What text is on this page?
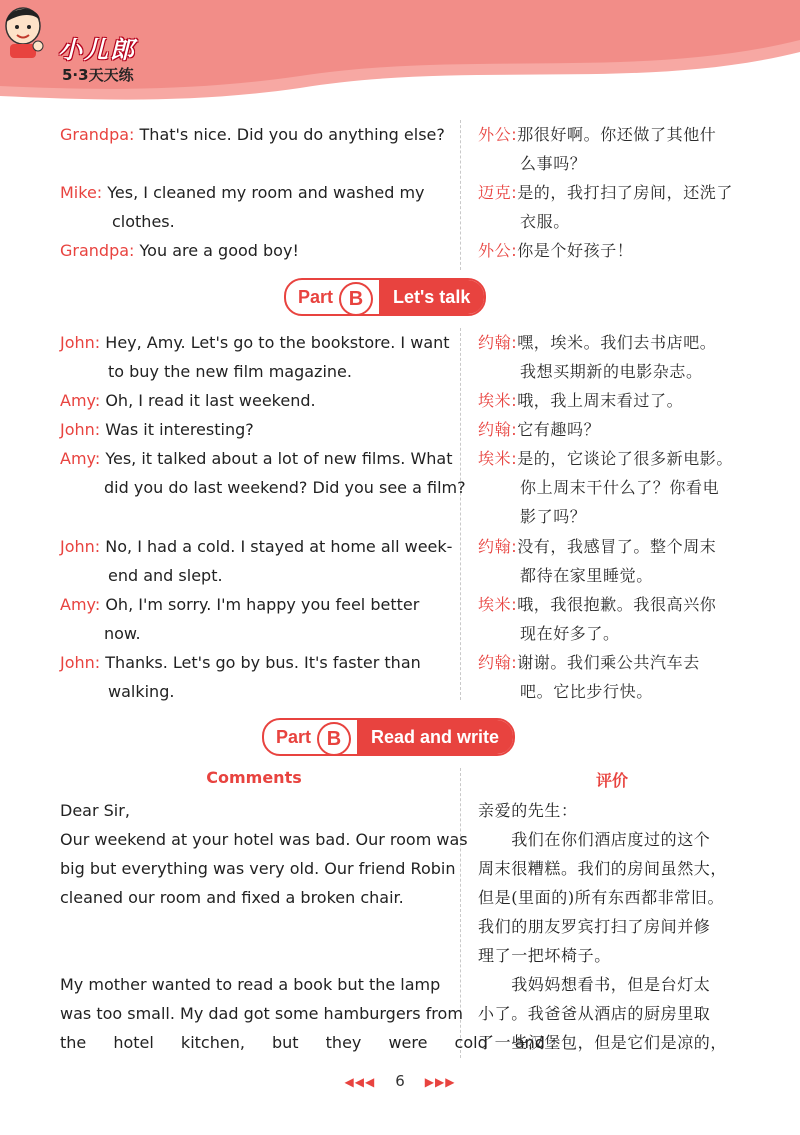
小儿郎
5·3天天练
Grandpa: That's nice. Did you do anything else?
Mike: Yes, I cleaned my room and washed my
clothes.
Grandpa: You are a good boy!
外公:那很好啊。你还做了其他什
么事吗？
迈克:是的，我打扫了房间，还洗了
衣服。
外公:你是个好孩子！
Part B	Let's talk
John: Hey, Amy. Let's go to the bookstore. I want
to buy the new film magazine.
Amy: Oh, I read it last weekend.
John: Was it interesting?
Amy: Yes, it talked about a lot of new films. What
did you do last weekend? Did you see a film?
John: No, I had a cold. I stayed at home all week-
end and slept.
Amy: Oh, I'm sorry. I'm happy you feel better
now.
John: Thanks. Let's go by bus. It's faster than
walking.
约翰:嘿，埃米。我们去书店吧。
我想买期新的电影杂志。
埃米:哦，我上周末看过了。
约翰:它有趣吗？
埃米:是的，它谈论了很多新电影。
你上周末干什么了？你看电
影了吗？
约翰:没有，我感冒了。整个周末
都待在家里睡觉。
埃米:哦，我很抱歉。我很高兴你
现在好多了。
约翰:谢谢。我们乘公共汽车去
吧。它比步行快。
Part B	Read and write
Comments	评价
Dear Sir,
Our weekend at your hotel was bad. Our room was
big but everything was very old. Our friend Robin
cleaned our room and fixed a broken chair.
My mother wanted to read a book but the lamp
was too small. My dad got some hamburgers from
the hotel kitchen, but they were cold and
亲爱的先生：
　　我们在你们酒店度过的这个
周末很糟糕。我们的房间虽然大，
但是(里面的)所有东西都非常旧。
我们的朋友罗宾打扫了房间并修
理了一把坏椅子。
　　我妈妈想看书，但是台灯太
小了。我爸爸从酒店的厨房里取
了一些汉堡包，但是它们是凉的，
◀◀◀ 6 ▶▶▶
